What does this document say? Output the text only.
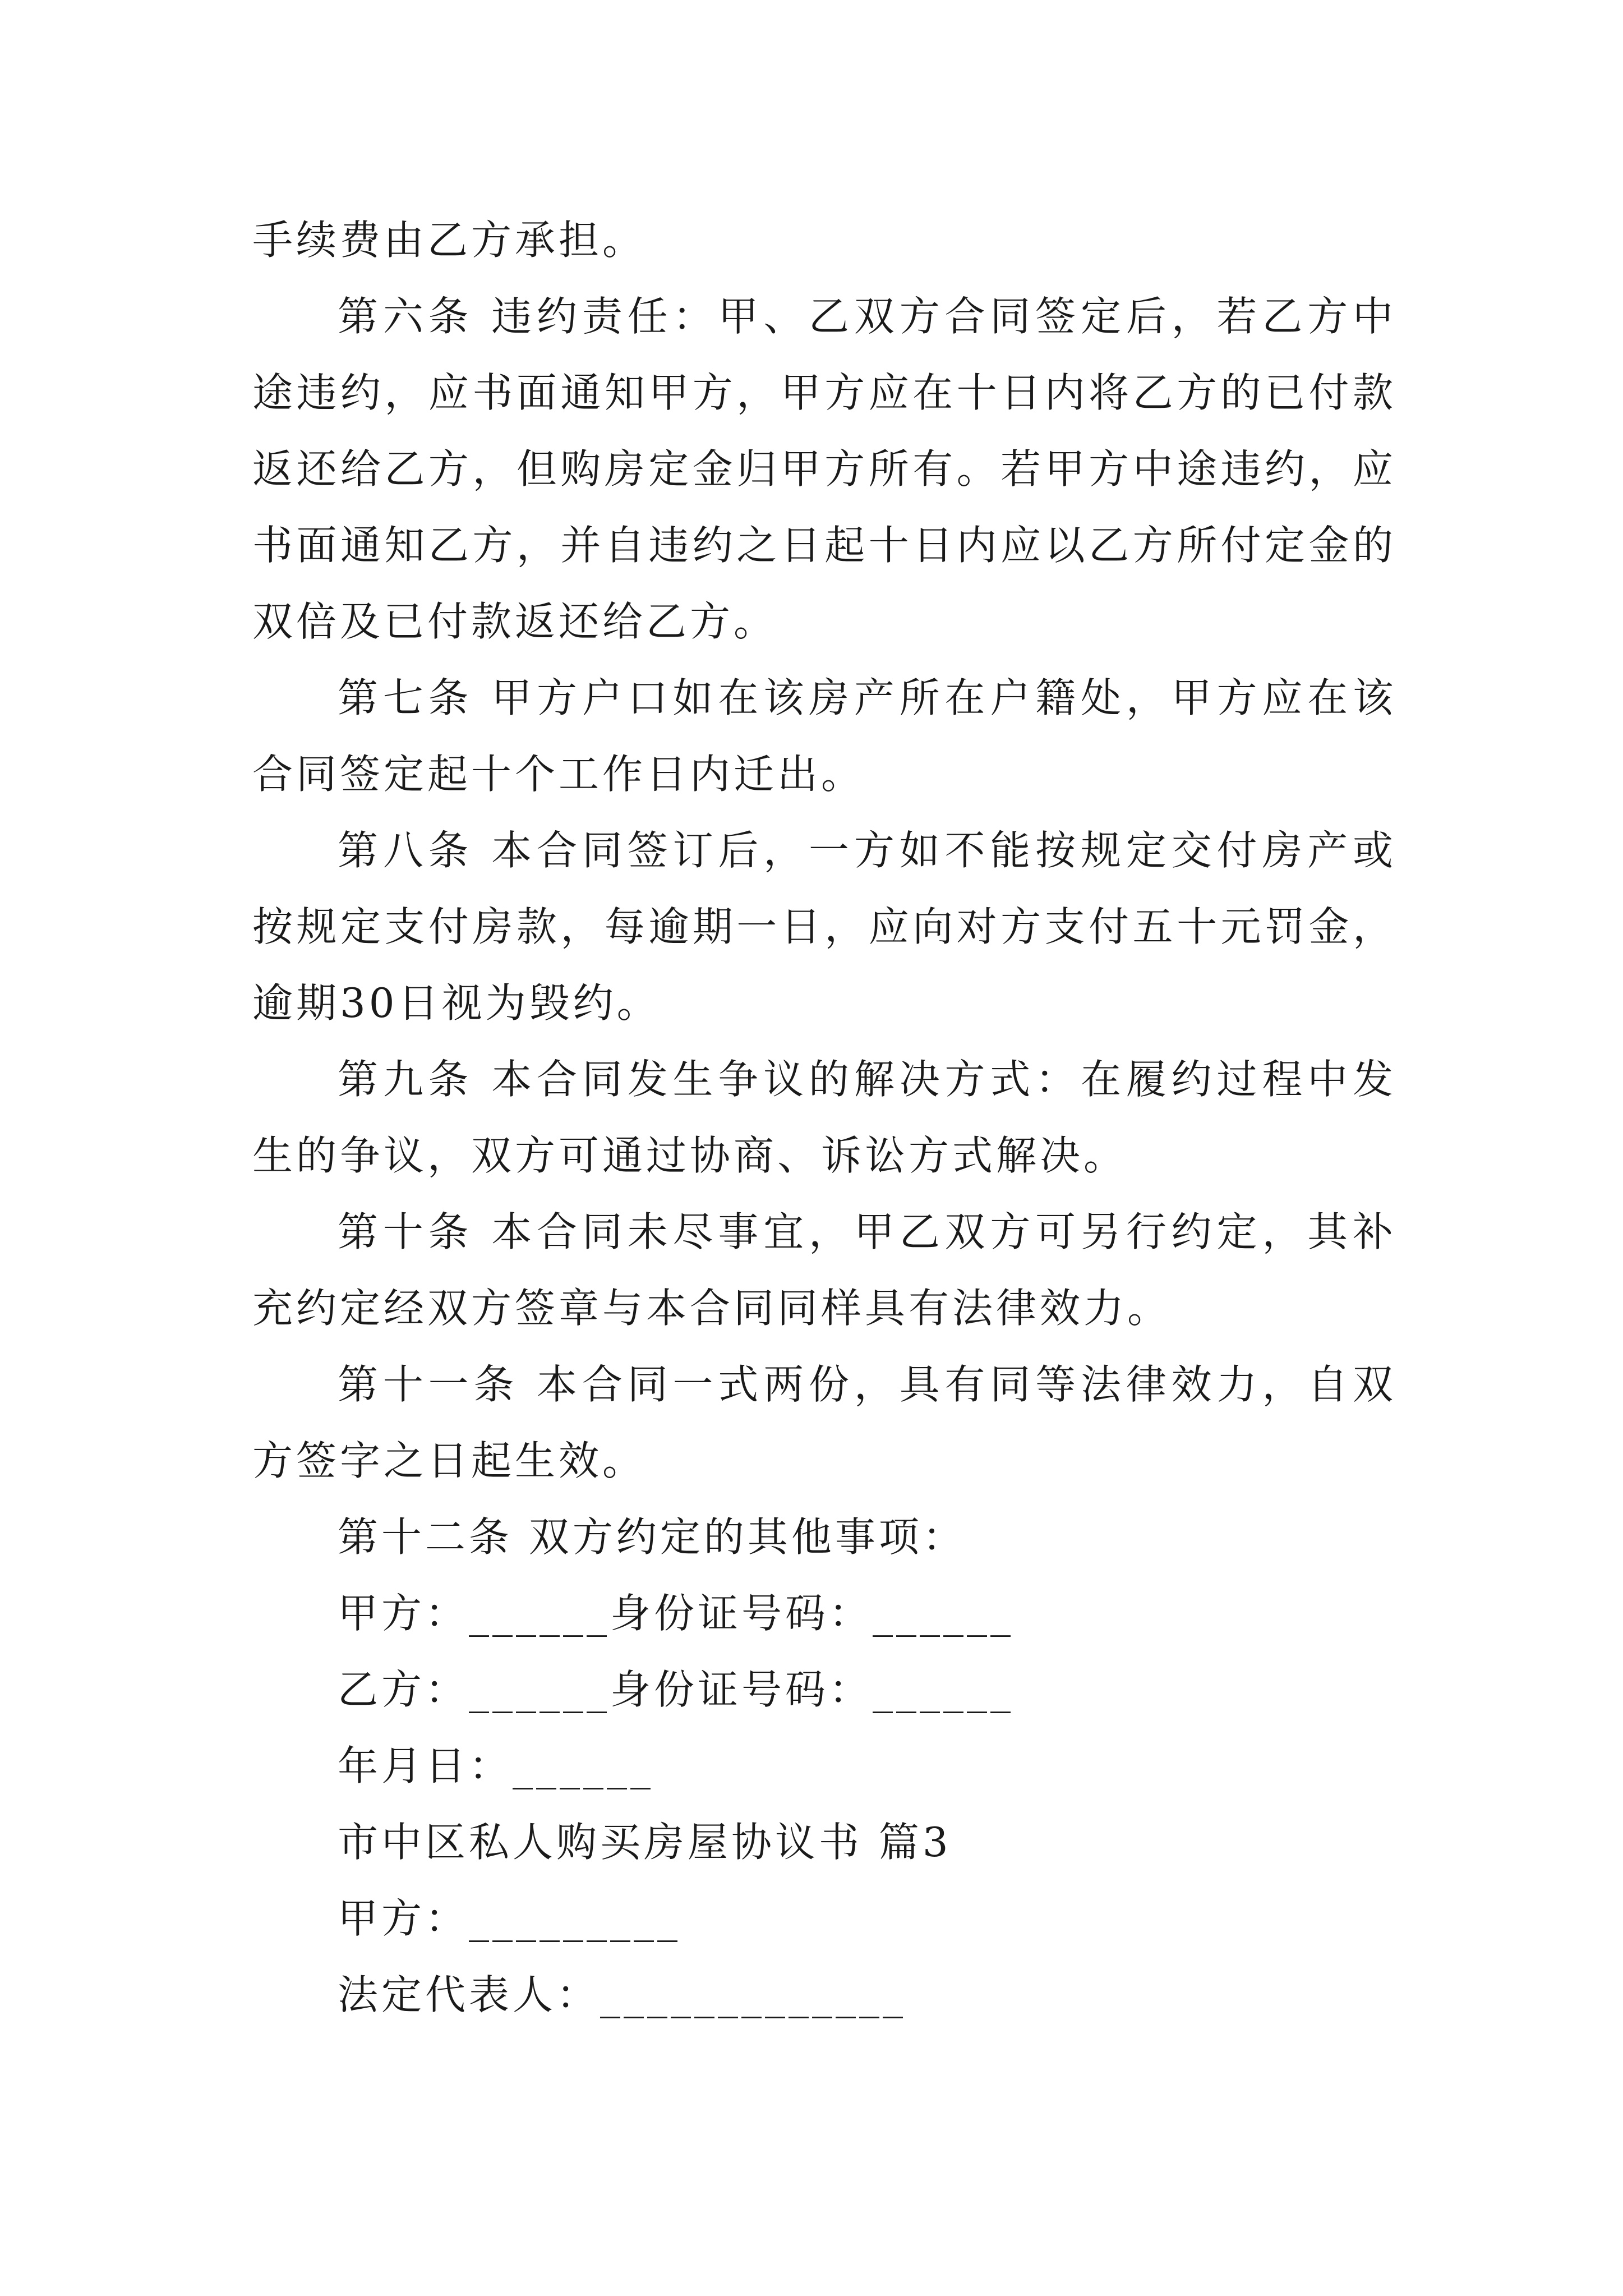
手续费由乙方承担。

第六条 违约责任：甲、乙双方合同签定后，若乙方中途违约，应书面通知甲方，甲方应在十日内将乙方的已付款返还给乙方，但购房定金归甲方所有。若甲方中途违约，应书面通知乙方，并自违约之日起十日内应以乙方所付定金的双倍及已付款返还给乙方。

第七条 甲方户口如在该房产所在户籍处，甲方应在该合同签定起十个工作日内迁出。

第八条 本合同签订后，一方如不能按规定交付房产或按规定支付房款，每逾期一日，应向对方支付五十元罚金，逾期30日视为毁约。

第九条 本合同发生争议的解决方式：在履约过程中发生的争议，双方可通过协商、诉讼方式解决。

第十条 本合同未尽事宜，甲乙双方可另行约定，其补充约定经双方签章与本合同同样具有法律效力。

第十一条 本合同一式两份，具有同等法律效力，自双方签字之日起生效。

第十二条 双方约定的其他事项：

甲方：______身份证号码：______

乙方：______身份证号码：______

年月日：______

市中区私人购买房屋协议书 篇3

甲方：_________

法定代表人：_____________
